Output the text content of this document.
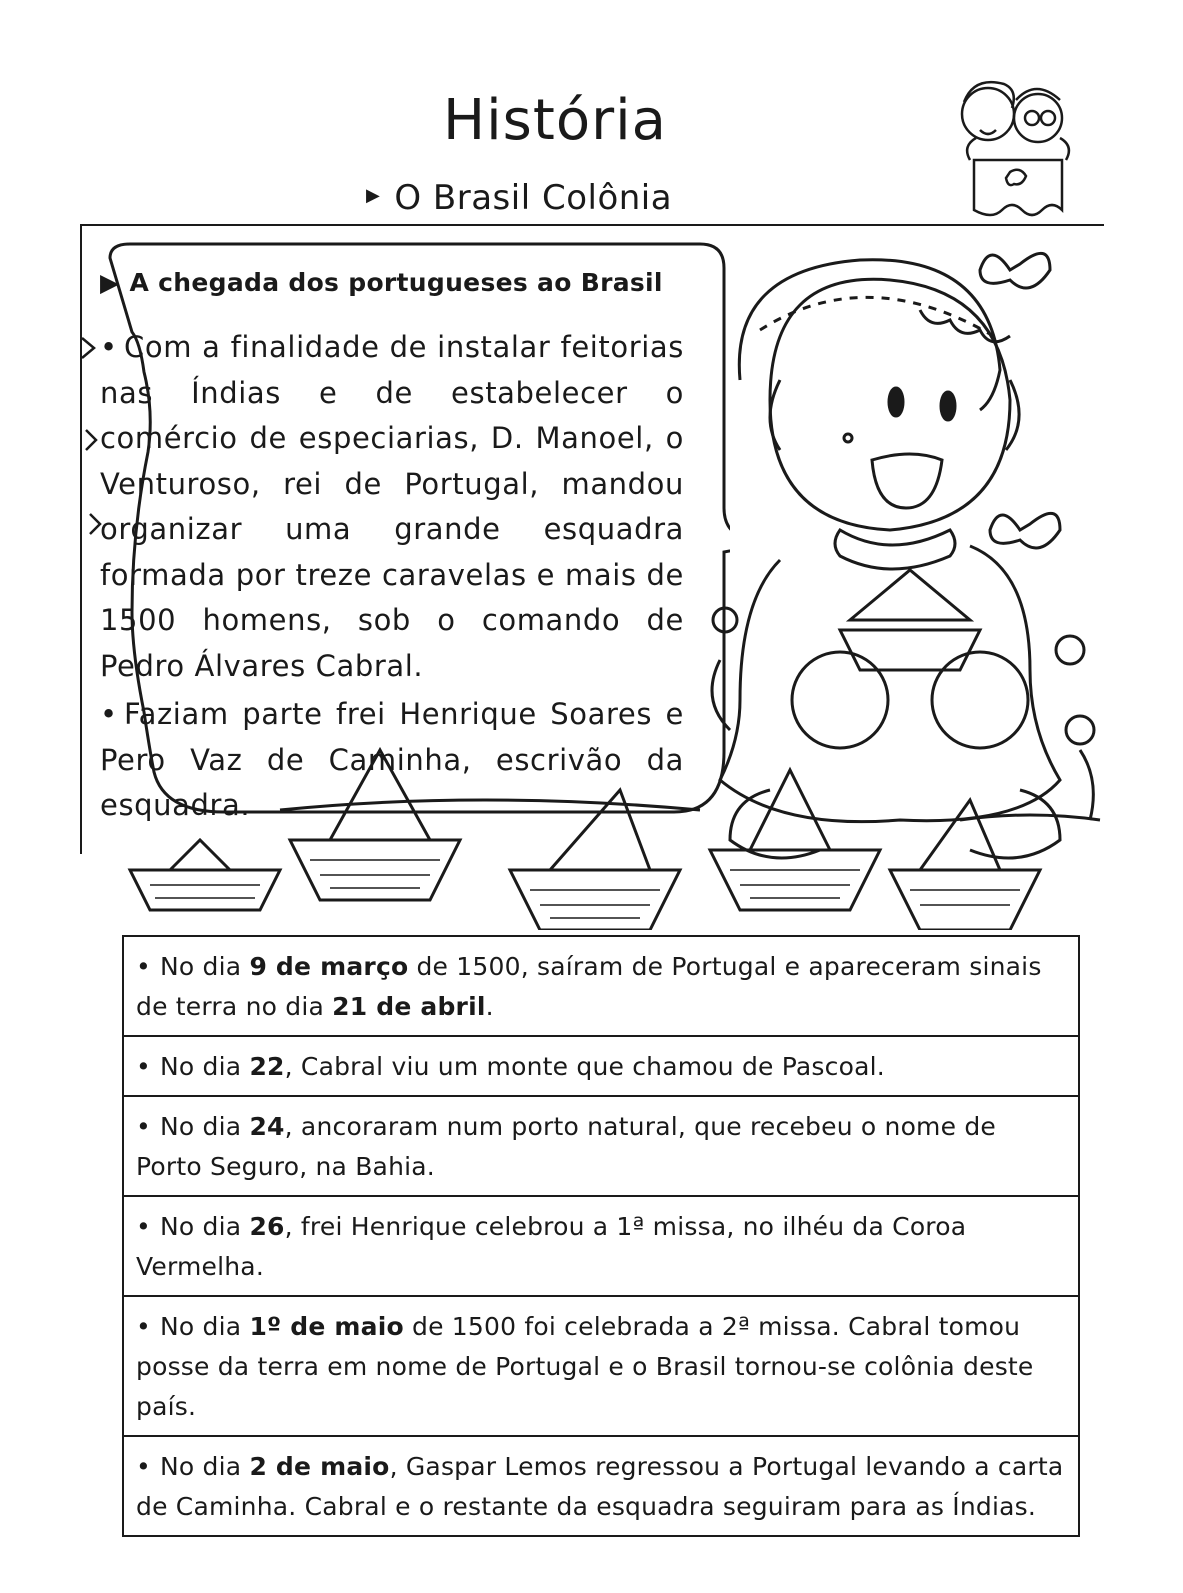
História
▶ O Brasil Colônia
▶ A chegada dos portugueses ao Brasil
• Com a finalidade de instalar feitorias nas Índias e de estabelecer o comércio de especiarias, D. Manoel, o Venturoso, rei de Portugal, mandou organizar uma grande esquadra formada por treze caravelas e mais de 1500 homens, sob o comando de Pedro Álvares Cabral.
• Faziam parte frei Henrique Soares e Pero Vaz de Caminha, escrivão da esquadra.
• No dia 9 de março de 1500, saíram de Portugal e apareceram sinais de terra no dia 21 de abril.
• No dia 22, Cabral viu um monte que chamou de Pascoal.
• No dia 24, ancoraram num porto natural, que recebeu o nome de Porto Seguro, na Bahia.
• No dia 26, frei Henrique celebrou a 1ª missa, no ilhéu da Coroa Vermelha.
• No dia 1º de maio de 1500 foi celebrada a 2ª missa. Cabral tomou posse da terra em nome de Portugal e o Brasil tornou-se colônia deste país.
• No dia 2 de maio, Gaspar Lemos regressou a Portugal levando a carta de Caminha. Cabral e o restante da esquadra seguiram para as Índias.
